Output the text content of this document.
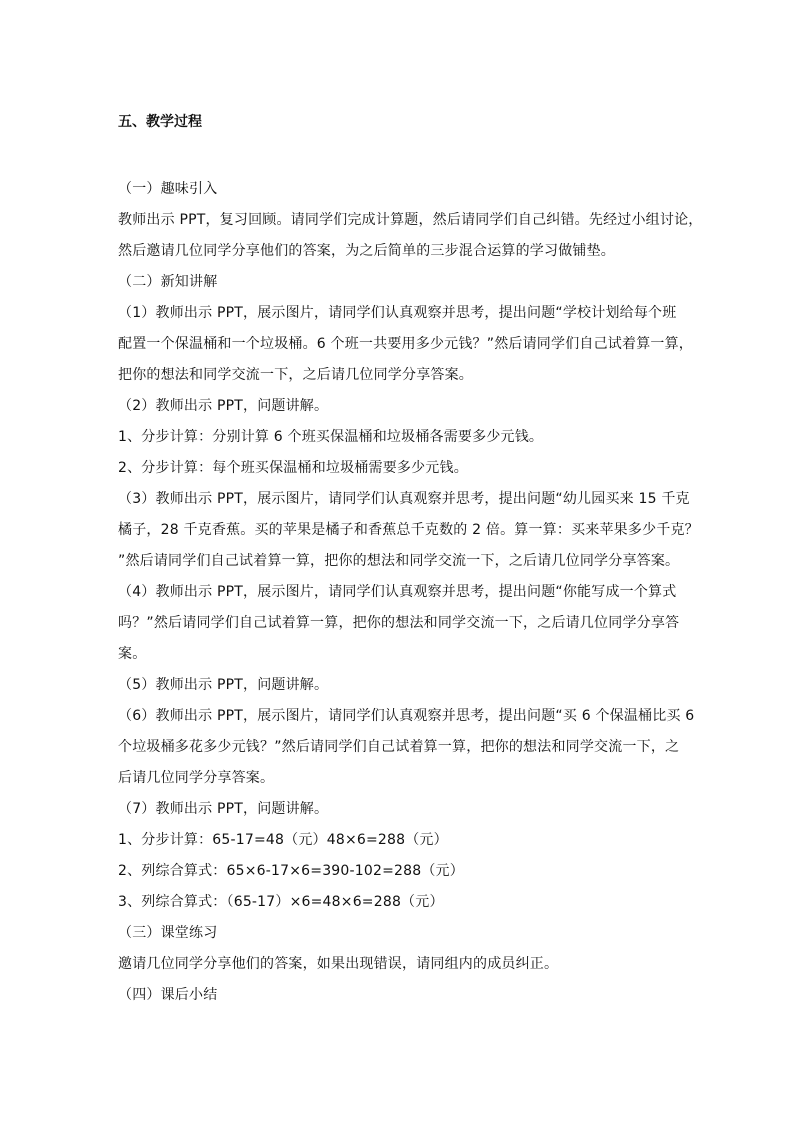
五、教学过程
（一）趣味引入
教师出示 PPT，复习回顾。请同学们完成计算题，然后请同学们自己纠错。先经过小组讨论，
然后邀请几位同学分享他们的答案，为之后简单的三步混合运算的学习做铺垫。
（二）新知讲解
（1）教师出示 PPT，展示图片，请同学们认真观察并思考，提出问题“学校计划给每个班
配置一个保温桶和一个垃圾桶。6 个班一共要用多少元钱？”然后请同学们自己试着算一算，
把你的想法和同学交流一下，之后请几位同学分享答案。
（2）教师出示 PPT，问题讲解。
1、分步计算：分别计算 6 个班买保温桶和垃圾桶各需要多少元钱。
2、分步计算：每个班买保温桶和垃圾桶需要多少元钱。
（3）教师出示 PPT，展示图片，请同学们认真观察并思考，提出问题“幼儿园买来 15 千克
橘子，28 千克香蕉。买的苹果是橘子和香蕉总千克数的 2 倍。算一算：买来苹果多少千克？
”然后请同学们自己试着算一算，把你的想法和同学交流一下，之后请几位同学分享答案。
（4）教师出示 PPT，展示图片，请同学们认真观察并思考，提出问题“你能写成一个算式
吗？”然后请同学们自己试着算一算，把你的想法和同学交流一下，之后请几位同学分享答
案。
（5）教师出示 PPT，问题讲解。
（6）教师出示 PPT，展示图片，请同学们认真观察并思考，提出问题“买 6 个保温桶比买 6
个垃圾桶多花多少元钱？”然后请同学们自己试着算一算，把你的想法和同学交流一下，之
后请几位同学分享答案。
（7）教师出示 PPT，问题讲解。
1、分步计算：65-17=48（元）48×6=288（元）
2、列综合算式：65×6-17×6=390-102=288（元）
3、列综合算式：（65-17）×6=48×6=288（元）
（三）课堂练习
邀请几位同学分享他们的答案，如果出现错误，请同组内的成员纠正。
（四）课后小结
